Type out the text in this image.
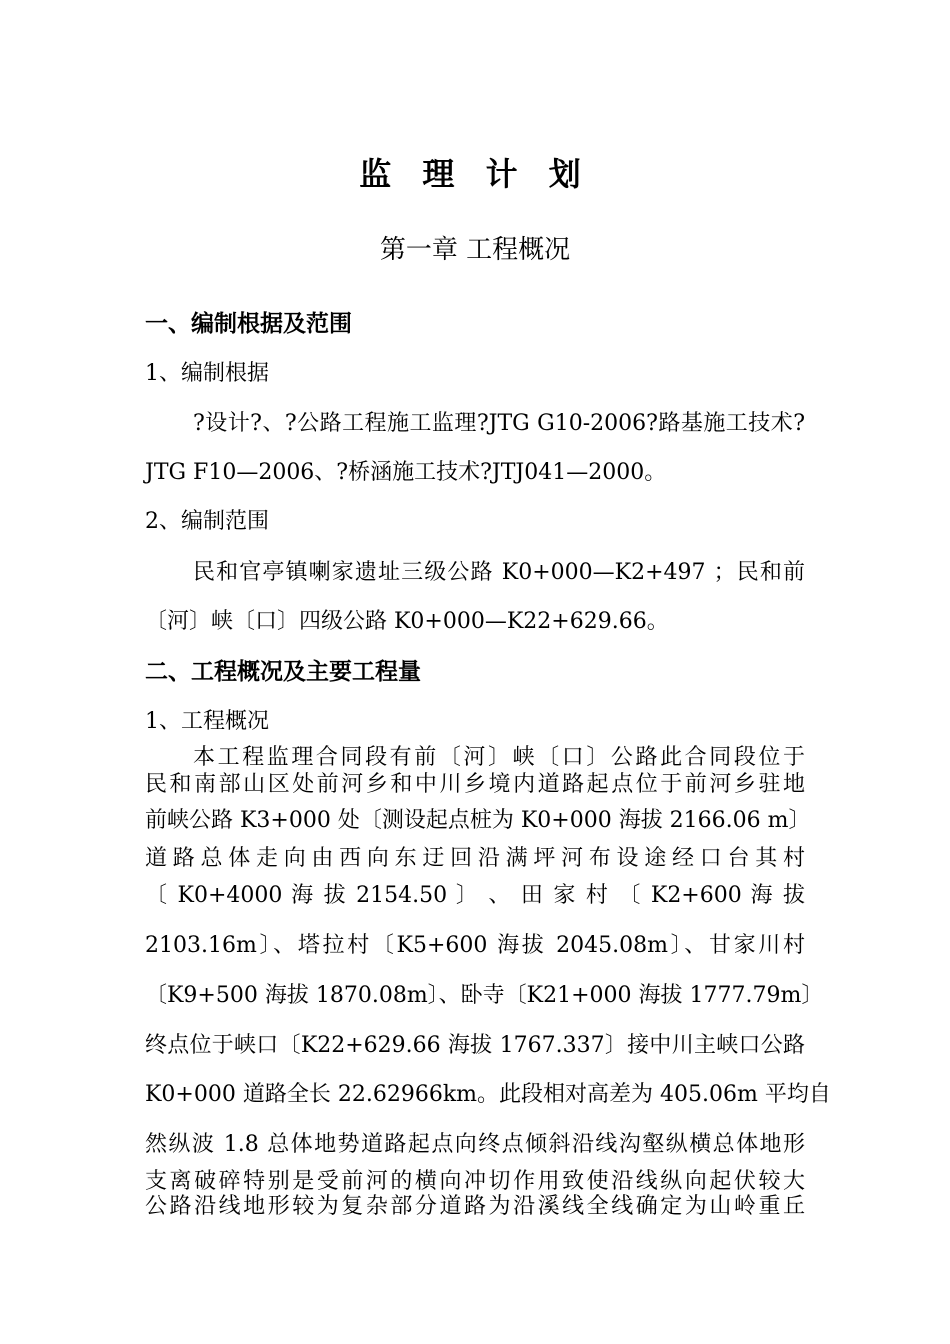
监 理 计 划
第一章 工程概况
一、编制根据及范围
1、编制根据
?设计?、?公路工程施工监理?JTG G10-2006?路基施工技术?
JTG F10—2006、?桥涵施工技术?JTJ041—2000。
2、编制范围
民和官亭镇喇家遗址三级公路 K0+000—K2+497 ；民和前
〔河〕峡〔口〕四级公路 K0+000—K22+629.66。
二、工程概况及主要工程量
1、工程概况
本工程监理合同段有前〔河〕峡〔口〕公路此合同段位于
民和南部山区处前河乡和中川乡境内道路起点位于前河乡驻地
前峡公路 K3+000 处〔测设起点桩为 K0+000 海拔 2166.06 m〕
道路总体走向由西向东迂回沿满坪河布设途经口台其村
〔 K0+4000 海 拔 2154.50 〕 、 田 家 村 〔 K2+600 海 拔
2103.16m〕、塔拉村〔K5+600 海拔 2045.08m〕、甘家川村
〔K9+500 海拔 1870.08m〕、卧寺〔K21+000 海拔 1777.79m〕
终点位于峡口〔K22+629.66 海拔 1767.337〕接中川主峡口公路
K0+000 道路全长 22.62966km。此段相对高差为 405.06m 平均自
然纵波 1.8 总体地势道路起点向终点倾斜沿线沟壑纵横总体地形
支离破碎特别是受前河的横向冲切作用致使沿线纵向起伏较大
公路沿线地形较为复杂部分道路为沿溪线全线确定为山岭重丘
